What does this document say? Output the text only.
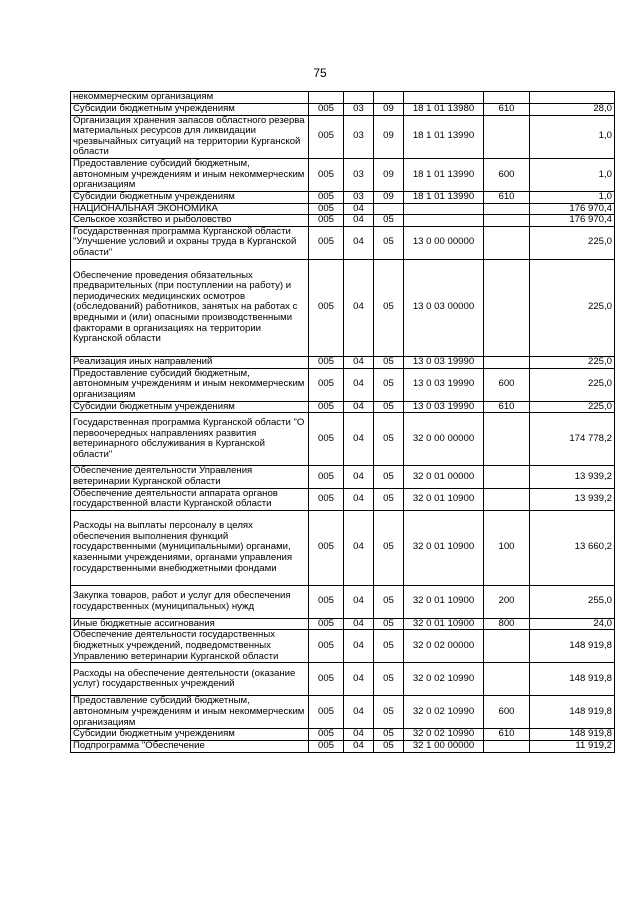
75
некоммерческим организациям						
Субсидии бюджетным учреждениям	005	03	09	18 1 01 13980	610	28,0
Организация хранения запасов областного резерва материальных ресурсов для ликвидации чрезвычайных ситуаций на территории Курганской области	005	03	09	18 1 01 13990		1,0
Предоставление субсидий бюджетным, автономным учреждениям и иным некоммерческим организациям	005	03	09	18 1 01 13990	600	1,0
Субсидии бюджетным учреждениям	005	03	09	18 1 01 13990	610	1,0
НАЦИОНАЛЬНАЯ ЭКОНОМИКА	005	04				176 970,4
Сельское хозяйство и рыболовство	005	04	05			176 970,4
Государственная программа Курганской области "Улучшение условий и охраны труда в Курганской области"	005	04	05	13 0 00 00000		225,0
Обеспечение проведения обязательных предварительных (при поступлении на работу) и периодических медицинских осмотров (обследований) работников, занятых на работах с вредными и (или) опасными производственными факторами в организациях на территории Курганской области	005	04	05	13 0 03 00000		225,0
Реализация иных направлений	005	04	05	13 0 03 19990		225,0
Предоставление субсидий бюджетным, автономным учреждениям и иным некоммерческим организациям	005	04	05	13 0 03 19990	600	225,0
Субсидии бюджетным учреждениям	005	04	05	13 0 03 19990	610	225,0
Государственная программа Курганской области "О первоочередных направлениях развития ветеринарного обслуживания в Курганской области"	005	04	05	32 0 00 00000		174 778,2
Обеспечение деятельности Управления ветеринарии Курганской области	005	04	05	32 0 01 00000		13 939,2
Обеспечение деятельности аппарата органов государственной власти Курганской области	005	04	05	32 0 01 10900		13 939,2
Расходы на выплаты персоналу в целях обеспечения выполнения функций государственными (муниципальными) органами, казенными учреждениями, органами управления государственными внебюджетными фондами	005	04	05	32 0 01 10900	100	13 660,2
Закупка товаров, работ и услуг для обеспечения государственных (муниципальных) нужд	005	04	05	32 0 01 10900	200	255,0
Иные бюджетные ассигнования	005	04	05	32 0 01 10900	800	24,0
Обеспечение деятельности государственных бюджетных учреждений, подведомственных Управлению ветеринарии Курганской области	005	04	05	32 0 02 00000		148 919,8
Расходы на обеспечение деятельности (оказание услуг) государственных учреждений	005	04	05	32 0 02 10990		148 919,8
Предоставление субсидий бюджетным, автономным учреждениям и иным некоммерческим организациям	005	04	05	32 0 02 10990	600	148 919,8
Субсидии бюджетным учреждениям	005	04	05	32 0 02 10990	610	148 919,8
Подпрограмма "Обеспечение	005	04	05	32 1 00 00000		11 919,2
